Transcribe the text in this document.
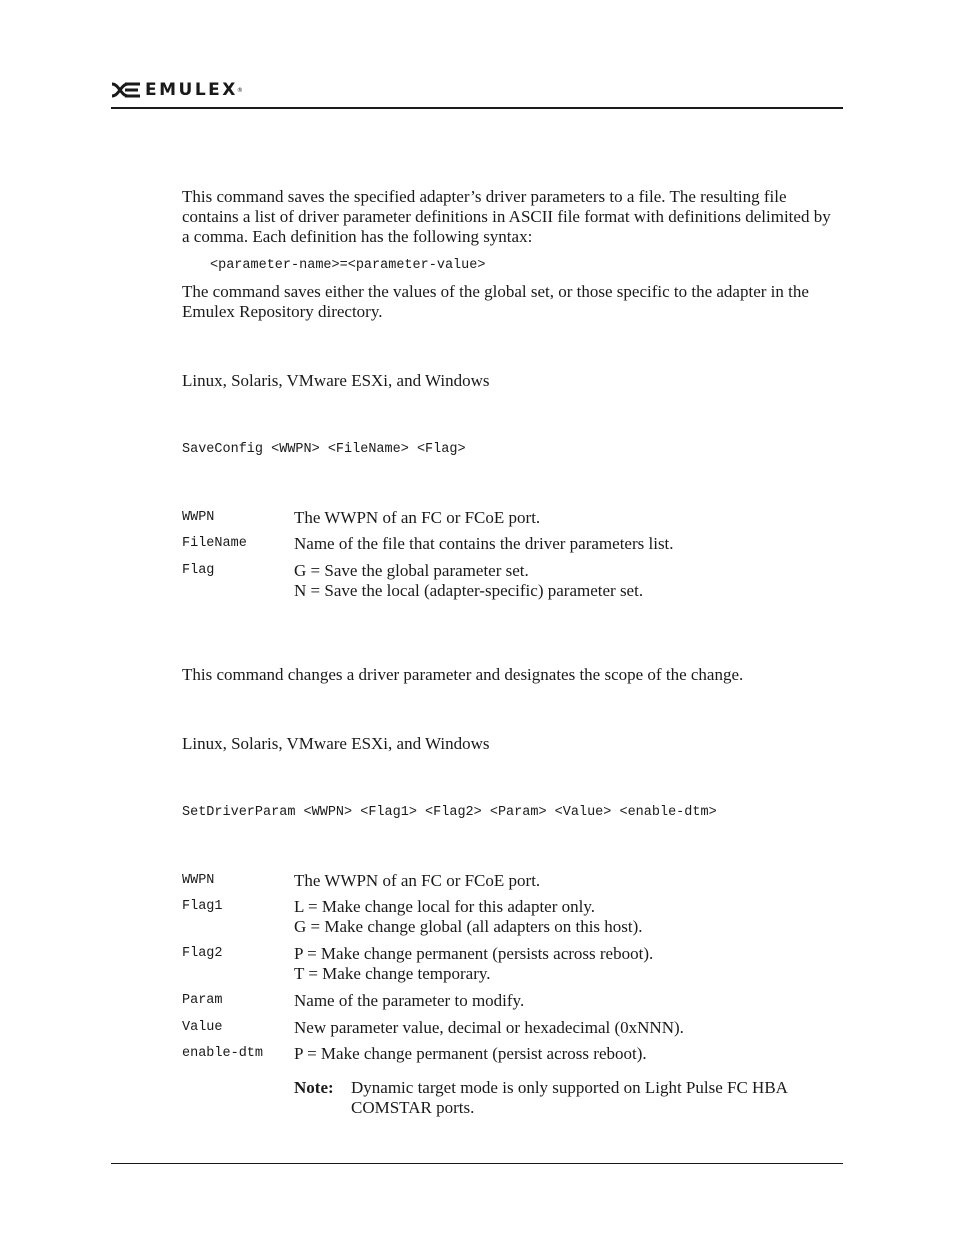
EMULEX ®

This command saves the specified adapter’s driver parameters to a file. The resulting file contains a list of driver parameter definitions in ASCII file format with definitions delimited by a comma. Each definition has the following syntax:

<parameter-name>=<parameter-value>

The command saves either the values of the global set, or those specific to the adapter in the Emulex Repository directory.

Linux, Solaris, VMware ESXi, and Windows

SaveConfig <WWPN> <FileName> <Flag>

WWPN	The WWPN of an FC or FCoE port.
FileName	Name of the file that contains the driver parameters list.
Flag	G = Save the global parameter set.
N = Save the local (adapter-specific) parameter set.

This command changes a driver parameter and designates the scope of the change.

Linux, Solaris, VMware ESXi, and Windows

SetDriverParam <WWPN> <Flag1> <Flag2> <Param> <Value> <enable-dtm>

WWPN	The WWPN of an FC or FCoE port.
Flag1	L = Make change local for this adapter only.
G = Make change global (all adapters on this host).
Flag2	P = Make change permanent (persists across reboot).
T = Make change temporary.
Param	Name of the parameter to modify.
Value	New parameter value, decimal or hexadecimal (0xNNN).
enable-dtm P = Make change permanent (persist across reboot).
Note: Dynamic target mode is only supported on Light Pulse FC HBA COMSTAR ports.
